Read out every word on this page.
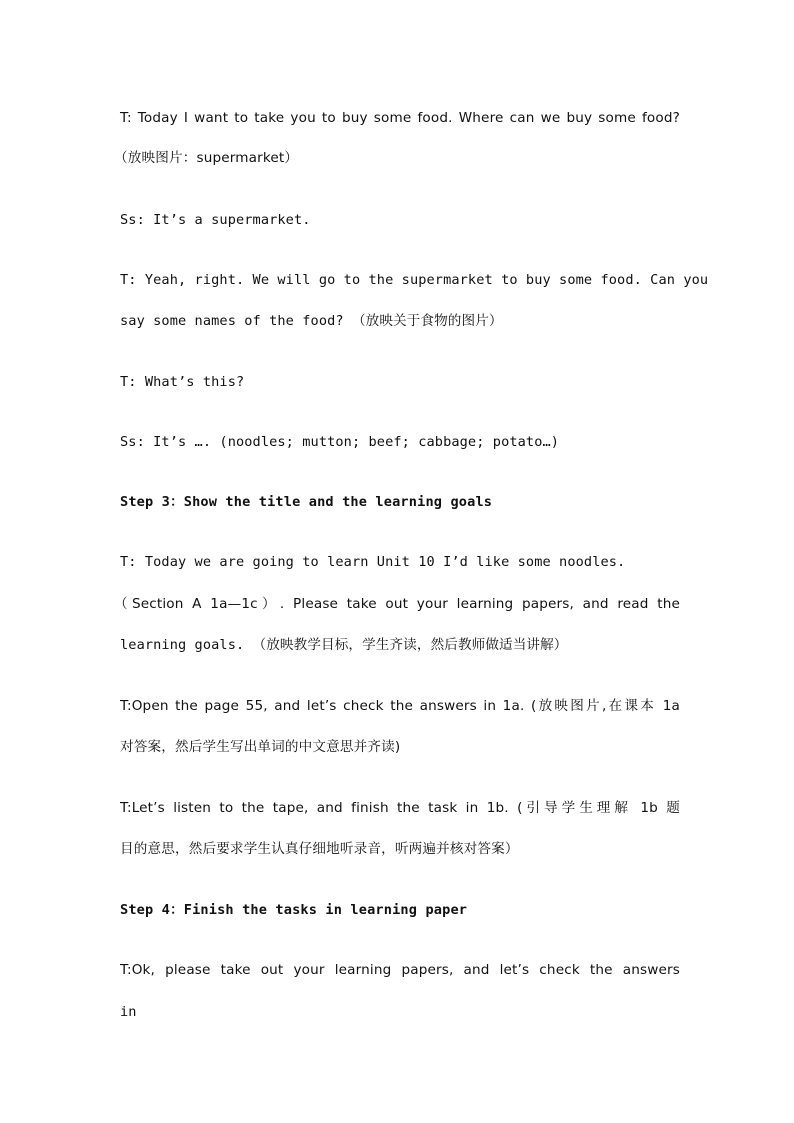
T: Today I want to take you to buy some food. Where can we buy some food?
（放映图片：supermarket）
Ss: It’s a supermarket.
T: Yeah, right. We will go to the supermarket to buy some food. Can you
say some names of the food? （放映关于食物的图片）
T: What’s this?
Ss: It’s …. (noodles; mutton; beef; cabbage; potato…)
Step 3：Show the title and the learning goals
T: Today we are going to learn Unit 10 I’d like some noodles.
（Section A 1a—1c）. Please take out your learning papers, and read the
learning goals. （放映教学目标，学生齐读，然后教师做适当讲解）
T:Open the page 55, and let’s check the answers in 1a. (放映图片,在课本 1a
对答案，然后学生写出单词的中文意思并齐读)
T:Let’s listen to the tape, and finish the task in 1b. (引导学生理解 1b 题
目的意思，然后要求学生认真仔细地听录音，听两遍并核对答案）
Step 4：Finish the tasks in learning paper
T:Ok, please take out your learning papers, and let’s check the answers
in
